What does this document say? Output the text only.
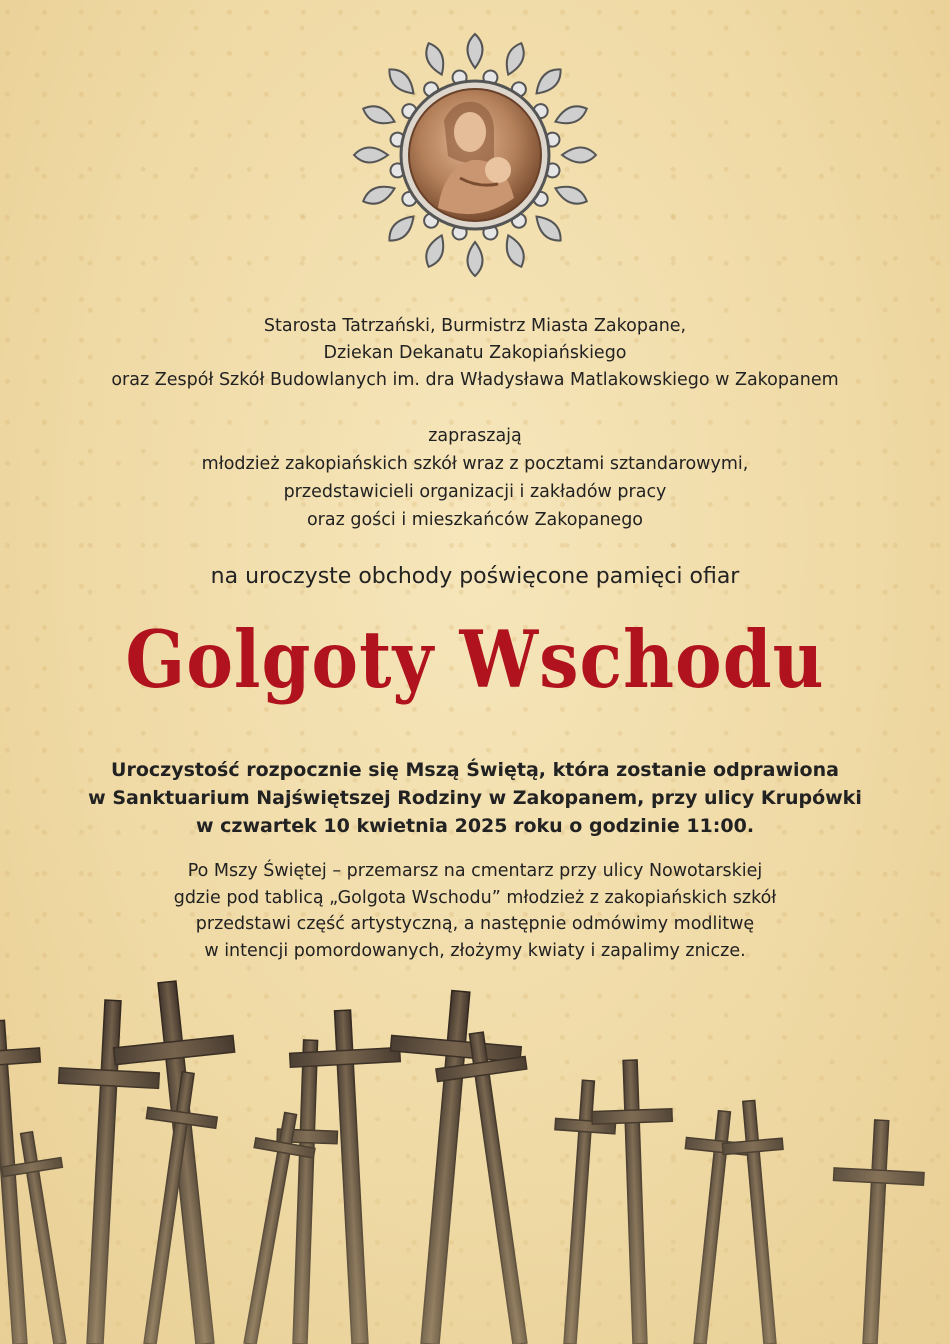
Starosta Tatrzański, Burmistrz Miasta Zakopane,
Dziekan Dekanatu Zakopiańskiego
oraz Zespół Szkół Budowlanych im. dra Władysława Matlakowskiego w Zakopanem
zapraszają
młodzież zakopiańskich szkół wraz z pocztami sztandarowymi,
przedstawicieli organizacji i zakładów pracy
oraz gości i mieszkańców Zakopanego
na uroczyste obchody poświęcone pamięci ofiar
Golgoty Wschodu
Uroczystość rozpocznie się Mszą Świętą, która zostanie odprawiona
w Sanktuarium Najświętszej Rodziny w Zakopanem, przy ulicy Krupówki
w czwartek 10 kwietnia 2025 roku o godzinie 11:00.
Po Mszy Świętej – przemarsz na cmentarz przy ulicy Nowotarskiej
gdzie pod tablicą „Golgota Wschodu” młodzież z zakopiańskich szkół
przedstawi część artystyczną, a następnie odmówimy modlitwę
w intencji pomordowanych, złożymy kwiaty i zapalimy znicze.
